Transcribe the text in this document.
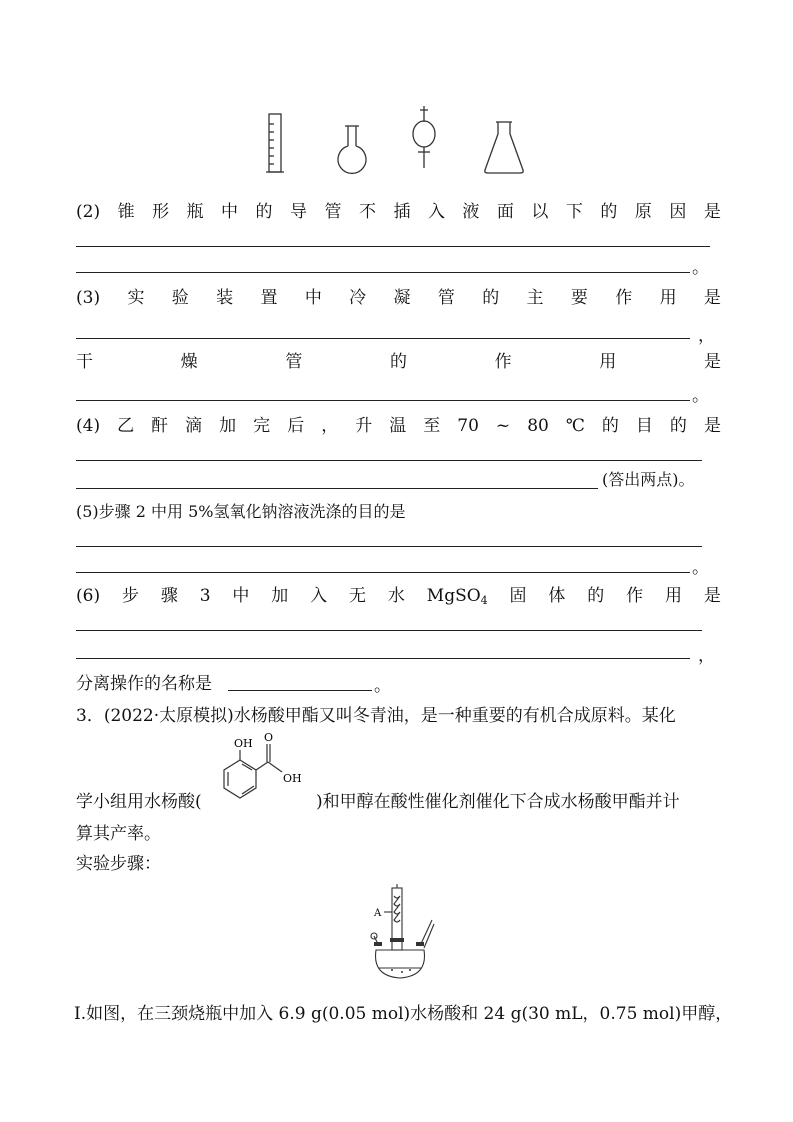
(2) 锥 形 瓶 中 的 导 管 不 插 入 液 面 以 下 的 原 因 是
。
(3) 实 验 装 置 中 冷 凝 管 的 主 要 作 用 是
，
干	燥	管	的	作	用	是
。
(4) 乙 酐 滴 加 完 后 ， 升 温 至 70 ~ 80 ℃ 的 目 的 是
(答出两点)。
(5)步骤 2 中用 5%氢氧化钠溶液洗涤的目的是
。
(6) 步 骤 3 中 加 入 无 水 MgSO$_4$ 固 体 的 作 用 是
，
分离操作的名称是	。
3．(2022·太原模拟)水杨酸甲酯又叫冬青油，是一种重要的有机合成原料。某化
学小组用水杨酸(
OH O
OH
)和甲醇在酸性催化剂催化下合成水杨酸甲酯并计
算其产率。
实验步骤：
A
Ⅰ.如图，在三颈烧瓶中加入 6.9 g(0.05 mol)水杨酸和 24 g(30 mL，0.75 mol)甲醇，
